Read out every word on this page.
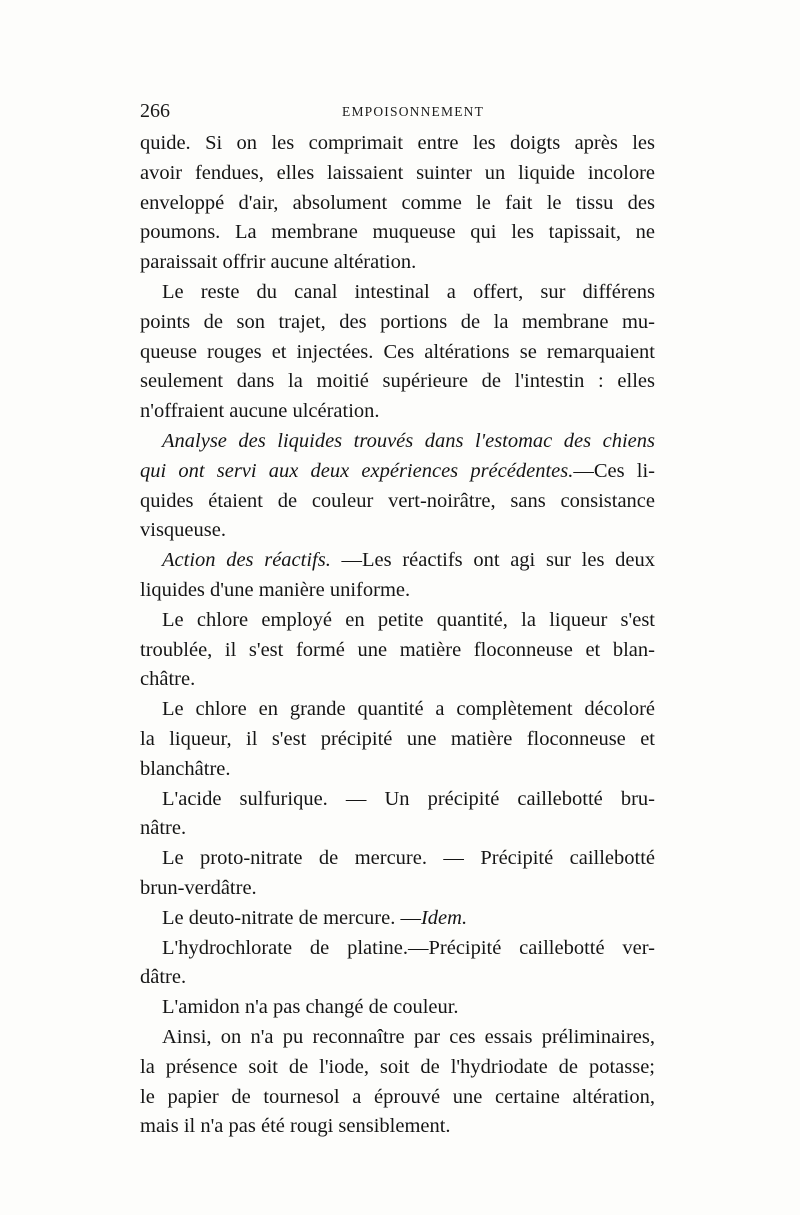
266	EMPOISONNEMENT
quide. Si on les comprimait entre les doigts après les
avoir fendues, elles laissaient suinter un liquide incolore
enveloppé d'air, absolument comme le fait le tissu des
poumons. La membrane muqueuse qui les tapissait, ne
paraissait offrir aucune altération.
Le reste du canal intestinal a offert, sur différens
points de son trajet, des portions de la membrane mu-
queuse rouges et injectées. Ces altérations se remarquaient
seulement dans la moitié supérieure de l'intestin : elles
n'offraient aucune ulcération.
Analyse des liquides trouvés dans l'estomac des chiens
qui ont servi aux deux expériences précédentes.—Ces li-
quides étaient de couleur vert-noirâtre, sans consistance
visqueuse.
Action des réactifs. —Les réactifs ont agi sur les deux
liquides d'une manière uniforme.
Le chlore employé en petite quantité, la liqueur s'est
troublée, il s'est formé une matière floconneuse et blan-
châtre.
Le chlore en grande quantité a complètement décoloré
la liqueur, il s'est précipité une matière floconneuse et
blanchâtre.
L'acide sulfurique. — Un précipité caillebotté bru-
nâtre.
Le proto-nitrate de mercure. — Précipité caillebotté
brun-verdâtre.
Le deuto-nitrate de mercure. —Idem.
L'hydrochlorate de platine.—Précipité caillebotté ver-
dâtre.
L'amidon n'a pas changé de couleur.
Ainsi, on n'a pu reconnaître par ces essais préliminaires,
la présence soit de l'iode, soit de l'hydriodate de potasse;
le papier de tournesol a éprouvé une certaine altération,
mais il n'a pas été rougi sensiblement.
